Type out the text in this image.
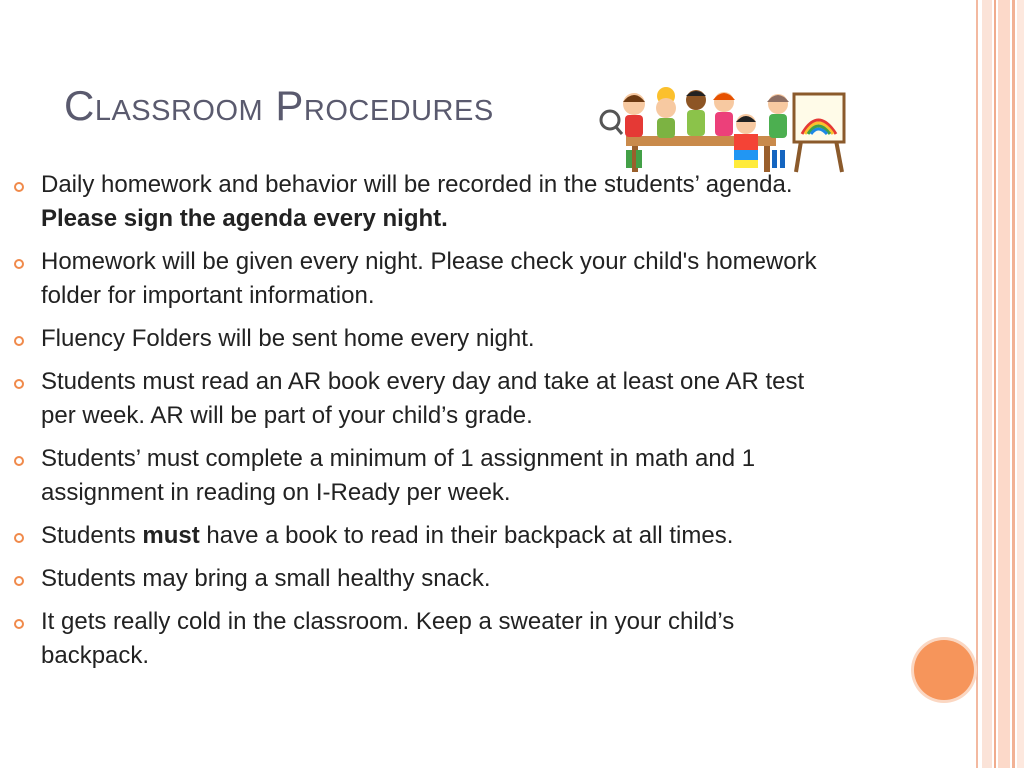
Classroom Procedures
Daily homework and behavior will be recorded in the students’ agenda. Please sign the agenda every night.
Homework will be given every night. Please check your child's homework folder for important information.
Fluency Folders will be sent home every night.
Students must read an AR book every day and take at least one AR test per week. AR will be part of your child’s grade.
Students’ must complete a minimum of 1 assignment in math and 1 assignment in reading on I-Ready per week.
Students must have a book to read in their backpack at all times.
Students may bring a small healthy snack.
It gets really cold in the classroom. Keep a sweater in your child’s backpack.
